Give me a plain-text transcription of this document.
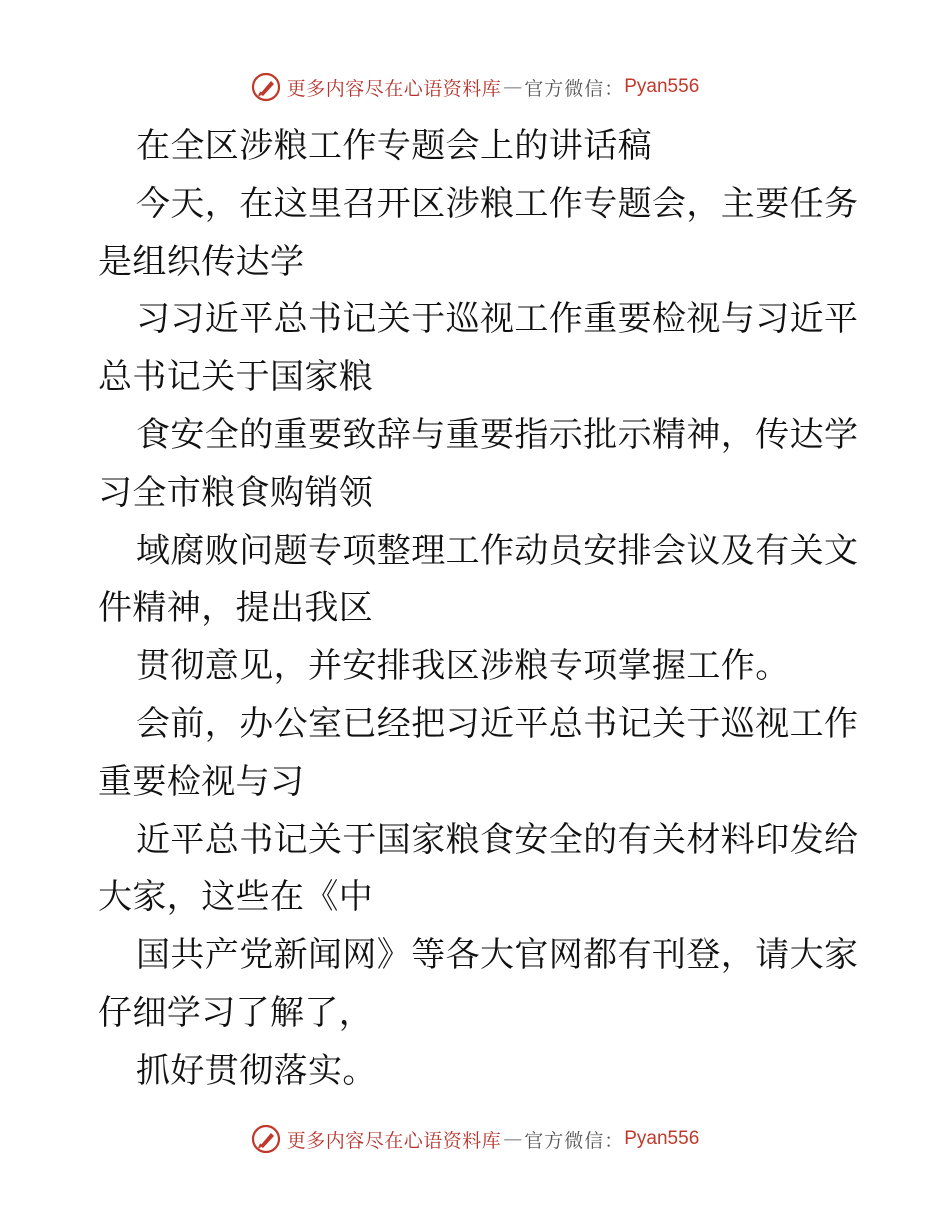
更多内容尽在心语资料库 — 官方微信： Pyan556
在全区涉粮工作专题会上的讲话稿
今天，在这里召开区涉粮工作专题会，主要任务
是组织传达学
习习近平总书记关于巡视工作重要检视与习近平
总书记关于国家粮
食安全的重要致辞与重要指示批示精神，传达学
习全市粮食购销领
域腐败问题专项整理工作动员安排会议及有关文
件精神，提出我区
贯彻意见，并安排我区涉粮专项掌握工作。
会前，办公室已经把习近平总书记关于巡视工作
重要检视与习
近平总书记关于国家粮食安全的有关材料印发给
大家，这些在《中
国共产党新闻网》等各大官网都有刊登，请大家
仔细学习了解了，
抓好贯彻落实。
更多内容尽在心语资料库 — 官方微信： Pyan556
